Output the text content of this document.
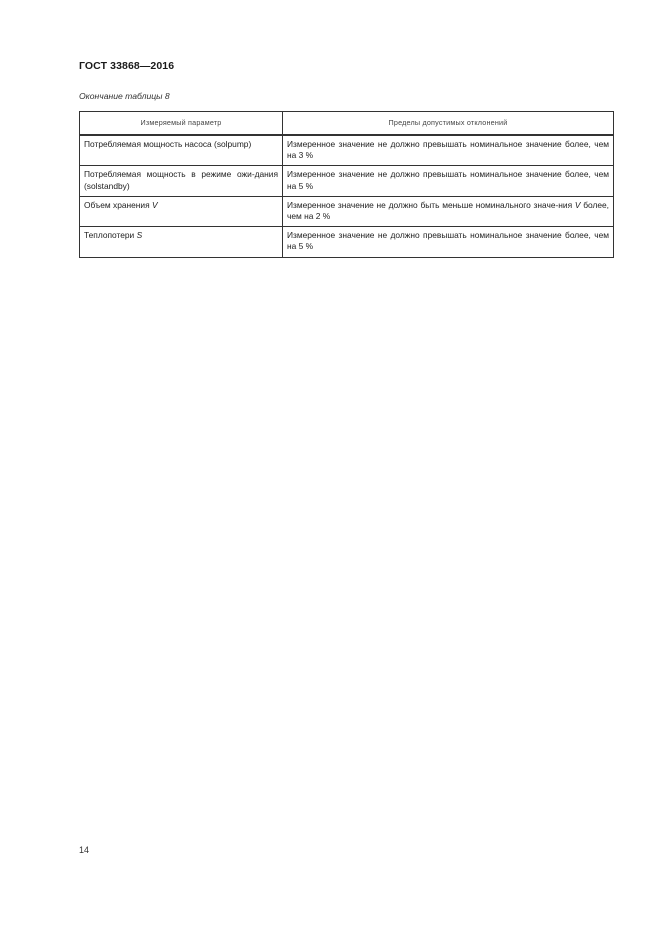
ГОСТ 33868—2016
Окончание таблицы 8
Измеряемый параметр	Пределы допустимых отклонений
Потребляемая мощность насоса (solpump)	Измеренное значение не должно превышать номинальное значение более, чем на 3 %
Потребляемая мощность в режиме ожи-дания (solstandby)	Измеренное значение не должно превышать номинальное значение более, чем на 5 %
Объем хранения V	Измеренное значение не должно быть меньше номинального значе-ния V более, чем на 2 %
Теплопотери S	Измеренное значение не должно превышать номинальное значение более, чем на 5 %
14
